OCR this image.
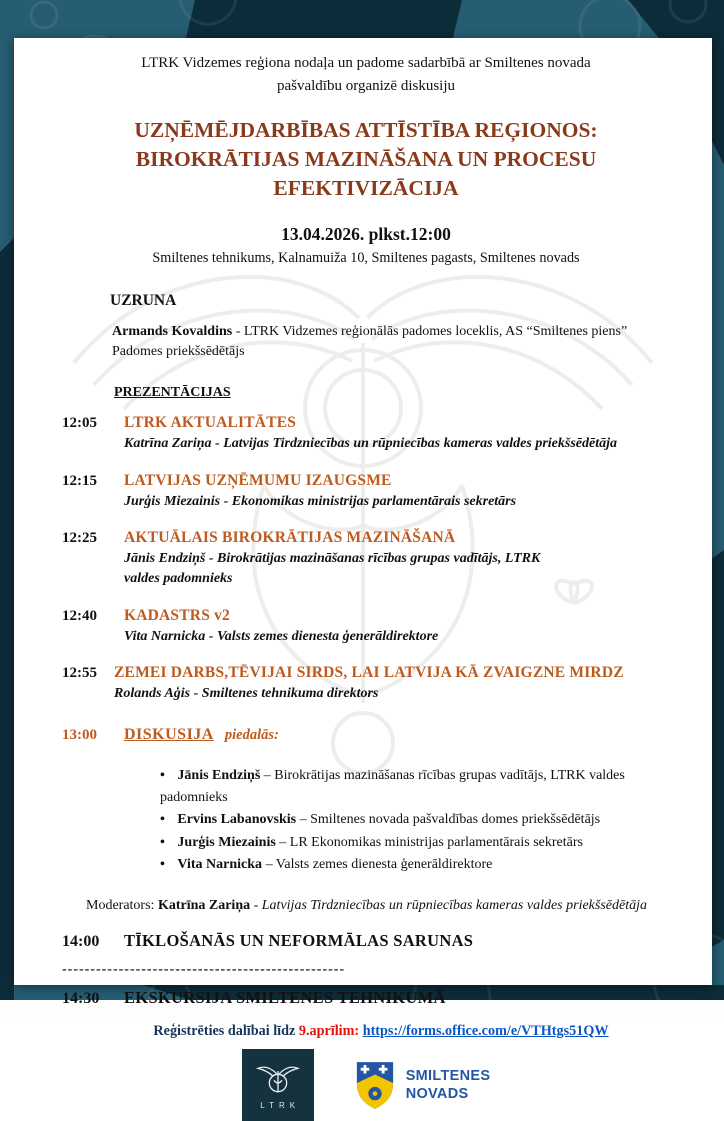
LTRK Vidzemes reģiona nodaļa un padome sadarbībā ar Smiltenes novada
pašvaldību organizē diskusiju

UZŅĒMĒJDARBĪBAS ATTĪSTĪBA REĢIONOS:
BIROKRĀTIJAS MAZINĀŠANA UN PROCESU
EFEKTIVIZĀCIJA

13.04.2026. plkst.12:00

Smiltenes tehnikums, Kalnamuiža 10, Smiltenes pagasts, Smiltenes novads

UZRUNA

Armands Kovaldins - LTRK Vidzemes reģionālās padomes loceklis, AS “Smiltenes piens” Padomes priekšsēdētājs

PREZENTĀCIJAS
12:05	LTRK AKTUALITĀTES
Katrīna Zariņa - Latvijas Tirdzniecības un rūpniecības kameras valdes priekšsēdētāja
12:15	LATVIJAS UZŅĒMUMU IZAUGSME
Jurģis Miezainis - Ekonomikas ministrijas parlamentārais sekretārs
12:25	AKTUĀLAIS BIROKRĀTIJAS MAZINĀŠANĀ
Jānis Endziņš - Birokrātijas mazināšanas rīcības grupas vadītājs, LTRK valdes padomnieks
12:40	KADASTRS v2
Vita Narnicka - Valsts zemes dienesta ģenerāldirektore
12:55	ZEMEI DARBS,TĒVIJAI SIRDS, LAI LATVIJA KĀ ZVAIGZNE MIRDZ
Rolands Aģis - Smiltenes tehnikuma direktors
13:00	DISKUSIJA piedalās:
• Jānis Endziņš – Birokrātijas mazināšanas rīcības grupas vadītājs, LTRK valdes padomnieks
• Ervins Labanovskis – Smiltenes novada pašvaldības domes priekšsēdētājs
• Jurģis Miezainis – LR Ekonomikas ministrijas parlamentārais sekretārs
• Vita Narnicka – Valsts zemes dienesta ģenerāldirektore

Moderators: Katrīna Zariņa - Latvijas Tirdzniecības un rūpniecības kameras valdes priekšsēdētāja

14:00	TĪKLOŠANĀS UN NEFORMĀLAS SARUNAS
--------------------------------------------------
14:30	EKSKURSIJA SMILTENES TEHNIKUMĀ

Reģistrēties dalībai līdz 9.aprīlim: https://forms.office.com/e/VTHtgs51QW

LTRK
SMILTENES
NOVADS
